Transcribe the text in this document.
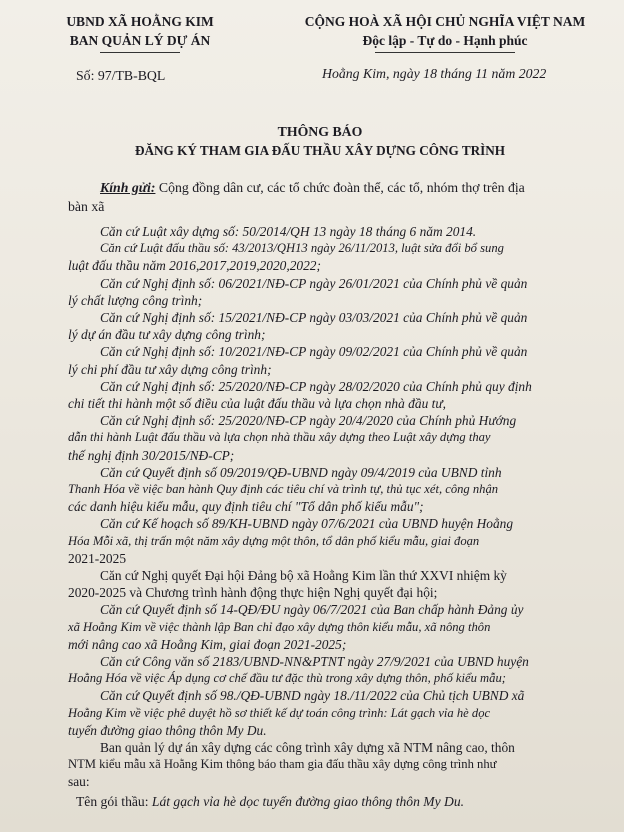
UBND XÃ HOẰNG KIM
BAN QUẢN LÝ DỰ ÁN
CỘNG HOÀ XÃ HỘI CHỦ NGHĨA VIỆT NAM
Độc lập - Tự do - Hạnh phúc
Số: 97/TB-BQL	Hoằng Kim, ngày 18 tháng 11 năm 2022
THÔNG BÁO
ĐĂNG KÝ THAM GIA ĐẤU THẦU XÂY DỰNG CÔNG TRÌNH
Kính gửi: Cộng đồng dân cư, các tổ chức đoàn thể, các tổ, nhóm thợ trên địa
bàn xã
Căn cứ Luật xây dựng số: 50/2014/QH 13 ngày 18 tháng 6 năm 2014.
Căn cứ Luật đấu thầu số: 43/2013/QH13 ngày 26/11/2013, luật sửa đổi bổ sung
luật đấu thầu năm 2016,2017,2019,2020,2022;
Căn cứ Nghị định số: 06/2021/NĐ-CP ngày 26/01/2021 của Chính phủ về quản
lý chất lượng công trình;
Căn cứ Nghị định số: 15/2021/NĐ-CP ngày 03/03/2021 của Chính phủ về quản
lý dự án đầu tư xây dựng công trình;
Căn cứ Nghị định số: 10/2021/NĐ-CP ngày 09/02/2021 của Chính phủ về quản
lý chi phí đầu tư xây dựng công trình;
Căn cứ Nghị định số: 25/2020/NĐ-CP ngày 28/02/2020 của Chính phủ quy định
chi tiết thi hành một số điều của luật đấu thầu và lựa chọn nhà đầu tư,
Căn cứ Nghị định số: 25/2020/NĐ-CP ngày 20/4/2020 của Chính phủ Hướng
dẫn thi hành Luật đấu thầu và lựa chọn nhà thầu xây dựng theo Luật xây dựng thay
thế nghị định 30/2015/NĐ-CP;
Căn cứ Quyết định số 09/2019/QĐ-UBND ngày 09/4/2019 của UBND tỉnh
Thanh Hóa về việc ban hành Quy định các tiêu chí và trình tự, thủ tục xét, công nhận
các danh hiệu kiểu mẫu, quy định tiêu chí "Tổ dân phố kiểu mẫu";
Căn cứ Kế hoạch số 89/KH-UBND ngày 07/6/2021 của UBND huyện Hoằng
Hóa Mỗi xã, thị trấn một năm xây dựng một thôn, tổ dân phố kiểu mẫu, giai đoạn
2021-2025
Căn cứ Nghị quyết Đại hội Đảng bộ xã Hoằng Kim lần thứ XXVI nhiệm kỳ
2020-2025 và Chương trình hành động thực hiện Nghị quyết đại hội;
Căn cứ Quyết định số 14-QĐ/ĐU ngày 06/7/2021 của Ban chấp hành Đảng ủy
xã Hoằng Kim về việc thành lập Ban chỉ đạo xây dựng thôn kiểu mẫu, xã nông thôn
mới nâng cao xã Hoằng Kim, giai đoạn 2021-2025;
Căn cứ Công văn số 2183/UBND-NN&PTNT ngày 27/9/2021 của UBND huyện
Hoằng Hóa về việc Áp dụng cơ chế đầu tư đặc thù trong xây dựng thôn, phố kiểu mẫu;
Căn cứ Quyết định số 98./QĐ-UBND ngày 18./11/2022 của Chủ tịch UBND xã
Hoằng Kim về việc phê duyệt hồ sơ thiết kế dự toán công trình: Lát gạch vỉa hè dọc
tuyến đường giao thông thôn My Du.
Ban quản lý dự án xây dựng các công trình xây dựng xã NTM nâng cao, thôn
NTM kiểu mẫu xã Hoằng Kim thông báo tham gia đấu thầu xây dựng công trình như
sau:
Tên gói thầu: Lát gạch vỉa hè dọc tuyến đường giao thông thôn My Du.
